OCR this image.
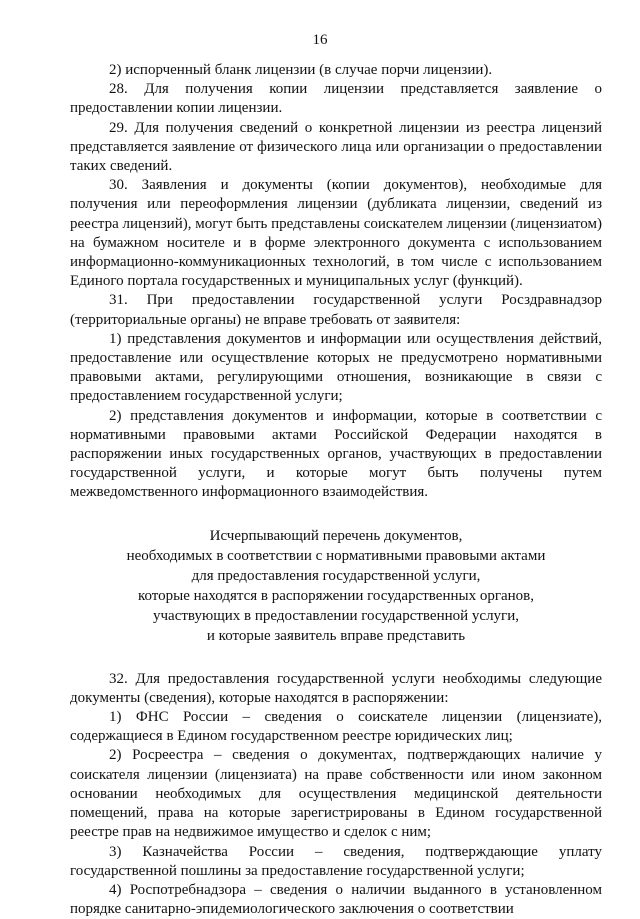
16

2) испорченный бланк лицензии (в случае порчи лицензии).

28. Для получения копии лицензии представляется заявление о предоставлении копии лицензии.

29. Для получения сведений о конкретной лицензии из реестра лицензий представляется заявление от физического лица или организации о предоставлении таких сведений.

30. Заявления и документы (копии документов), необходимые для получения или переоформления лицензии (дубликата лицензии, сведений из реестра лицензий), могут быть представлены соискателем лицензии (лицензиатом) на бумажном носителе и в форме электронного документа с использованием информационно-коммуникационных технологий, в том числе с использованием Единого портала государственных и муниципальных услуг (функций).

31. При предоставлении государственной услуги Росздравнадзор (территориальные органы) не вправе требовать от заявителя:

1) представления документов и информации или осуществления действий, предоставление или осуществление которых не предусмотрено нормативными правовыми актами, регулирующими отношения, возникающие в связи с предоставлением государственной услуги;

2) представления документов и информации, которые в соответствии с нормативными правовыми актами Российской Федерации находятся в распоряжении иных государственных органов, участвующих в предоставлении государственной услуги, и которые могут быть получены путем межведомственного информационного взаимодействия.

Исчерпывающий перечень документов,
необходимых в соответствии с нормативными правовыми актами
для предоставления государственной услуги,
которые находятся в распоряжении государственных органов,
участвующих в предоставлении государственной услуги,
и которые заявитель вправе представить

32. Для предоставления государственной услуги необходимы следующие документы (сведения), которые находятся в распоряжении:

1) ФНС России – сведения о соискателе лицензии (лицензиате), содержащиеся в Едином государственном реестре юридических лиц;

2) Росреестра – сведения о документах, подтверждающих наличие у соискателя лицензии (лицензиата) на праве собственности или ином законном основании необходимых для осуществления медицинской деятельности помещений, права на которые зарегистрированы в Едином государственной реестре прав на недвижимое имущество и сделок с ним;

3) Казначейства России – сведения, подтверждающие уплату государственной пошлины за предоставление государственной услуги;

4) Роспотребнадзора – сведения о наличии выданного в установленном порядке санитарно-эпидемиологического заключения о соответствии
